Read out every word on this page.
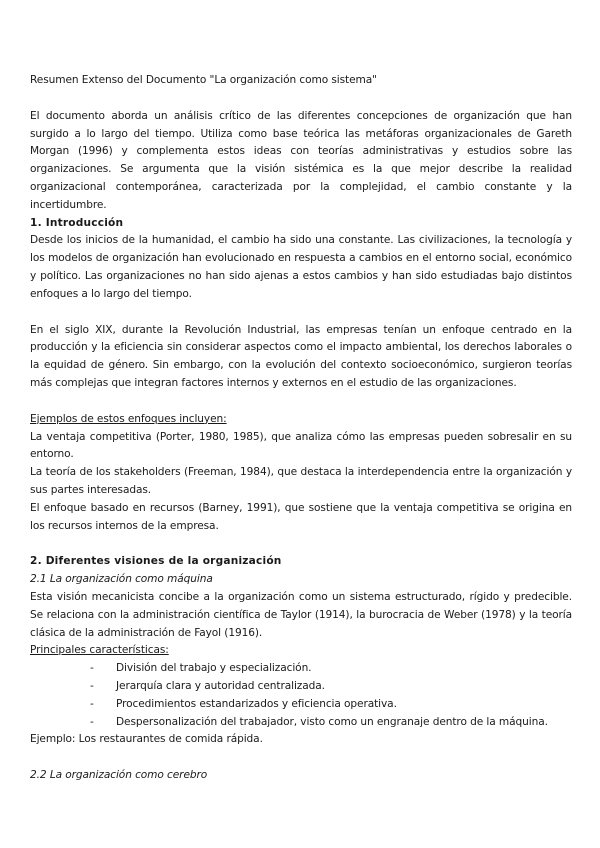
Resumen Extenso del Documento "La organización como sistema"

El documento aborda un análisis crítico de las diferentes concepciones de organización que han surgido a lo largo del tiempo. Utiliza como base teórica las metáforas organizacionales de Gareth Morgan (1996) y complementa estos ideas con teorías administrativas y estudios sobre las organizaciones. Se argumenta que la visión sistémica es la que mejor describe la realidad organizacional contemporánea, caracterizada por la complejidad, el cambio constante y la incertidumbre.

1. Introducción

Desde los inicios de la humanidad, el cambio ha sido una constante. Las civilizaciones, la tecnología y los modelos de organización han evolucionado en respuesta a cambios en el entorno social, económico y político. Las organizaciones no han sido ajenas a estos cambios y han sido estudiadas bajo distintos enfoques a lo largo del tiempo.

En el siglo XIX, durante la Revolución Industrial, las empresas tenían un enfoque centrado en la producción y la eficiencia sin considerar aspectos como el impacto ambiental, los derechos laborales o la equidad de género. Sin embargo, con la evolución del contexto socioeconómico, surgieron teorías más complejas que integran factores internos y externos en el estudio de las organizaciones.

Ejemplos de estos enfoques incluyen:

La ventaja competitiva (Porter, 1980, 1985), que analiza cómo las empresas pueden sobresalir en su entorno.

La teoría de los stakeholders (Freeman, 1984), que destaca la interdependencia entre la organización y sus partes interesadas.

El enfoque basado en recursos (Barney, 1991), que sostiene que la ventaja competitiva se origina en los recursos internos de la empresa.

2. Diferentes visiones de la organización

2.1 La organización como máquina

Esta visión mecanicista concibe a la organización como un sistema estructurado, rígido y predecible. Se relaciona con la administración científica de Taylor (1914), la burocracia de Weber (1978) y la teoría clásica de la administración de Fayol (1916).

Principales características:

- División del trabajo y especialización.
- Jerarquía clara y autoridad centralizada.
- Procedimientos estandarizados y eficiencia operativa.
- Despersonalización del trabajador, visto como un engranaje dentro de la máquina.

Ejemplo: Los restaurantes de comida rápida.

2.2 La organización como cerebro
